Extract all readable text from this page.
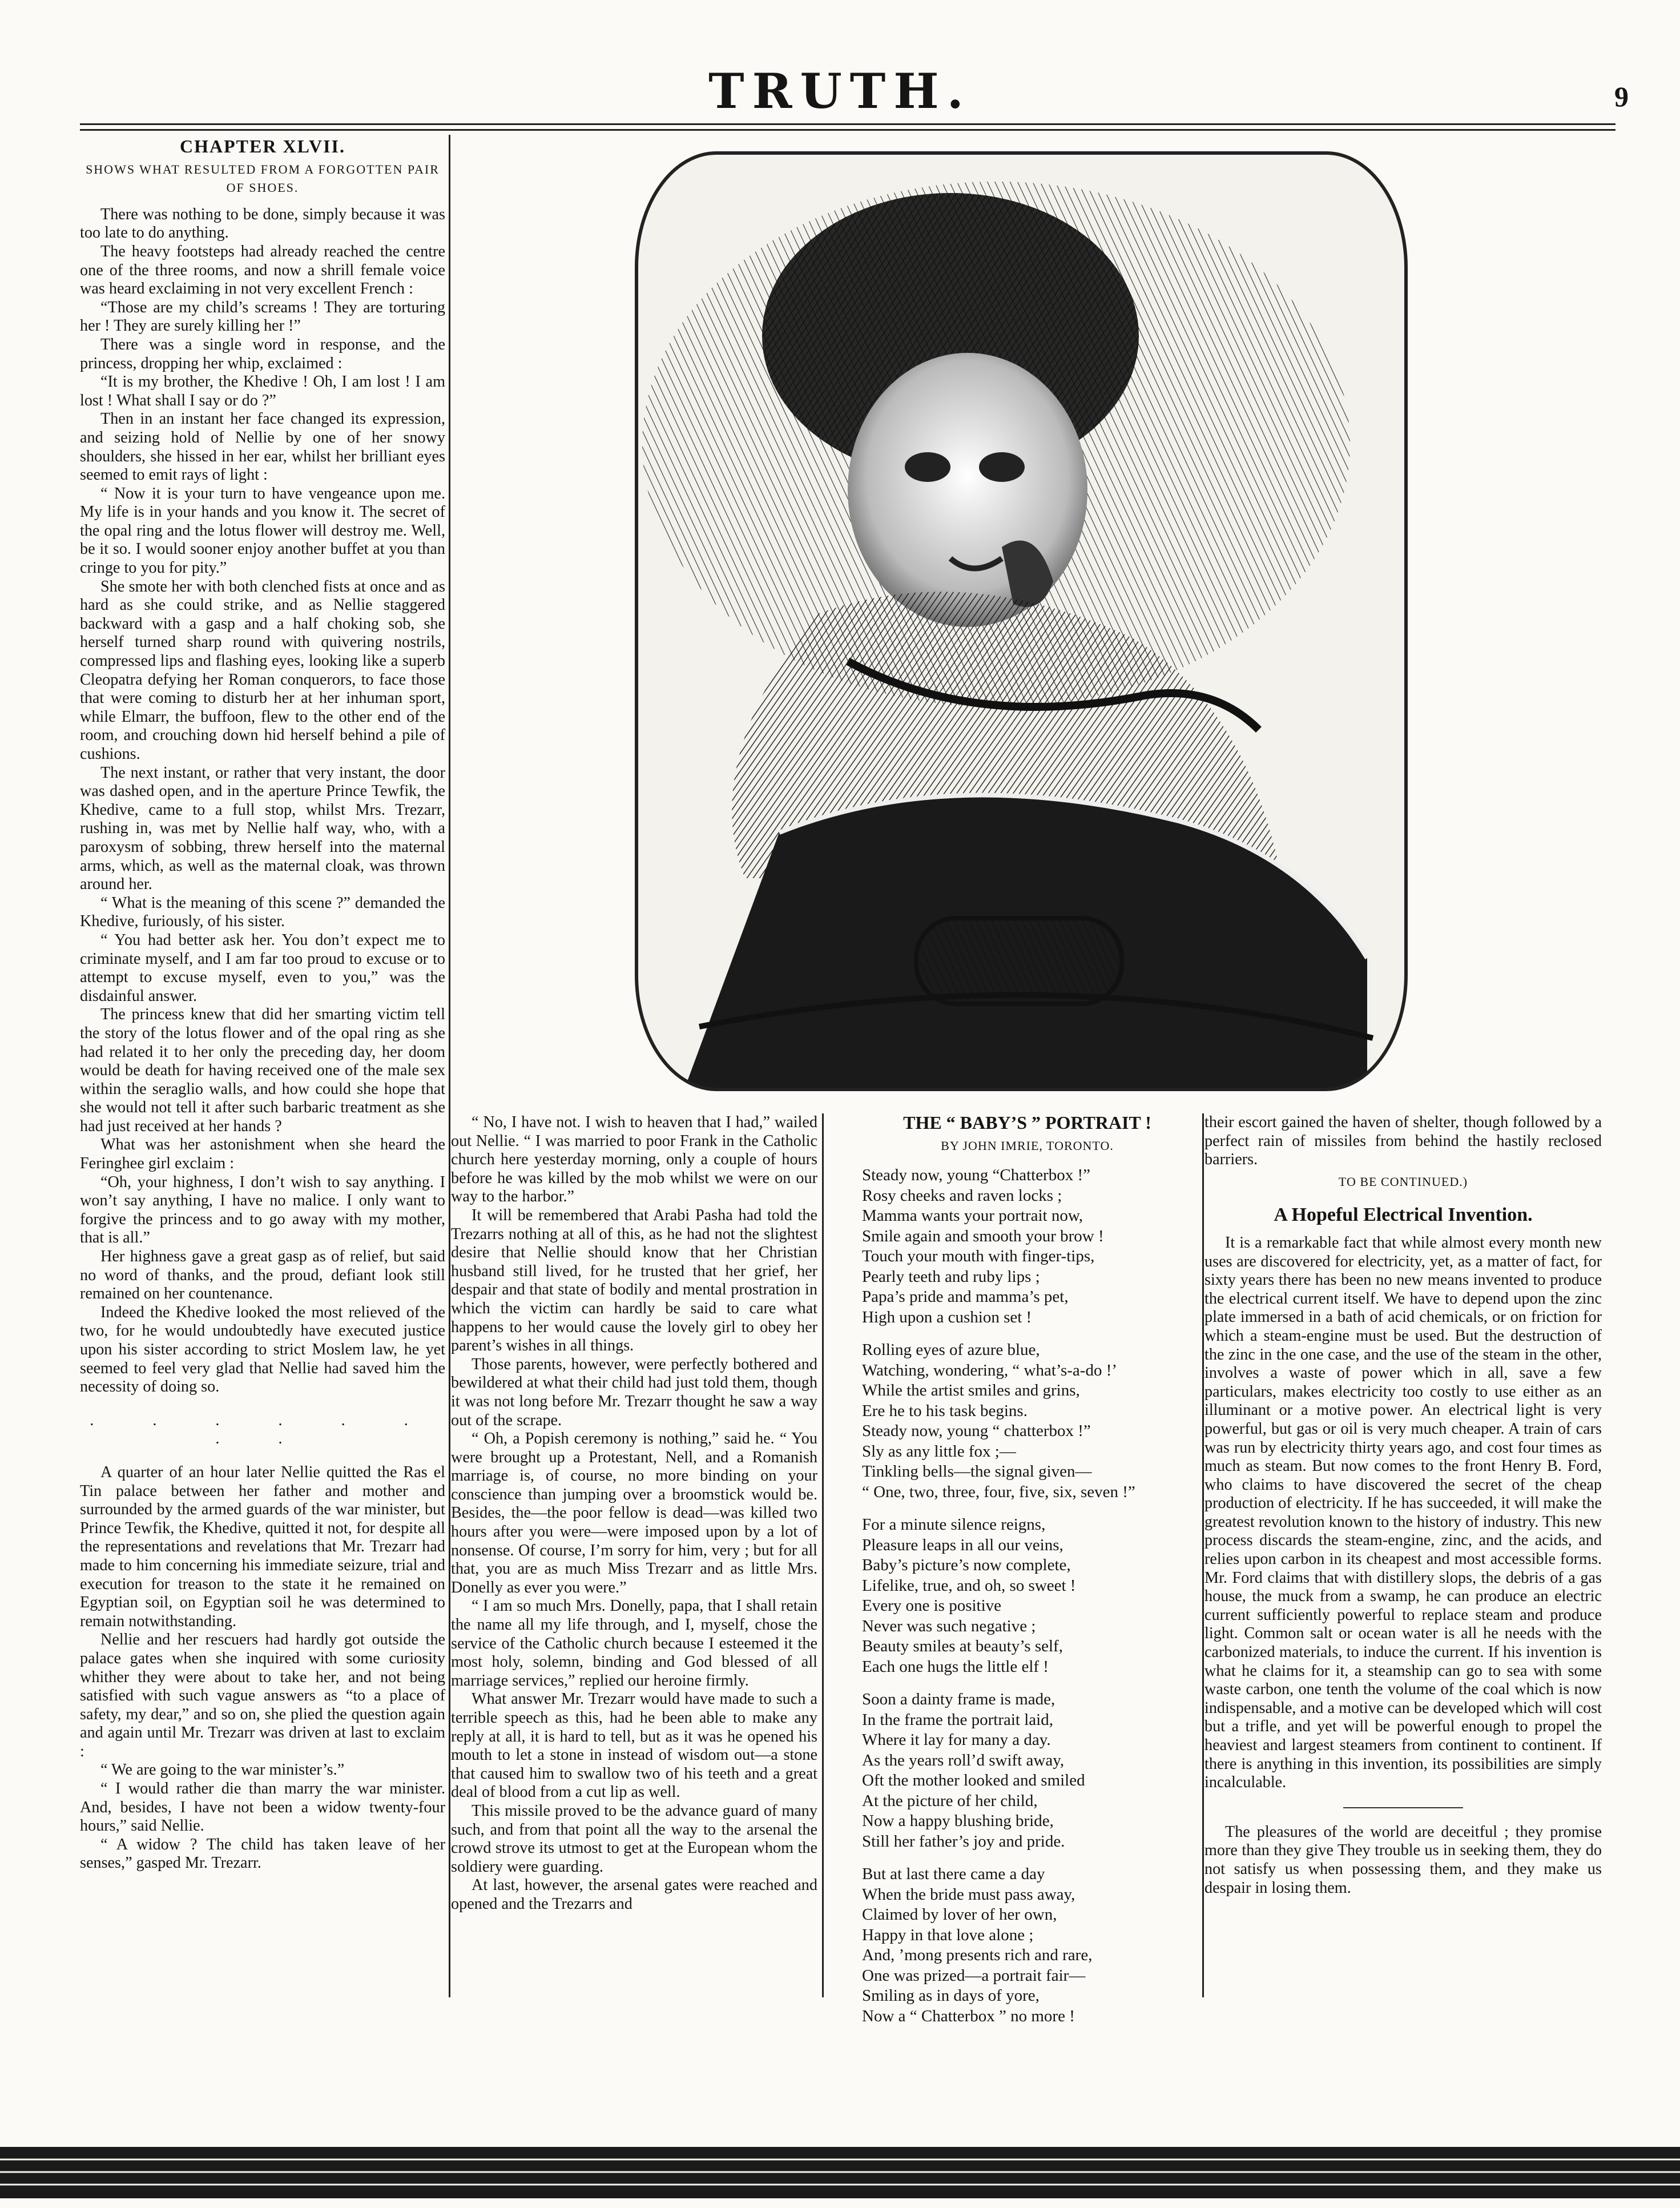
TRUTH.	9
CHAPTER XLVII.
SHOWS WHAT RESULTED FROM A FORGOTTEN PAIR OF SHOES.

There was nothing to be done, simply because it was too late to do anything.

The heavy footsteps had already reached the centre one of the three rooms, and now a shrill female voice was heard exclaiming in not very excellent French :

“Those are my child’s screams ! They are torturing her ! They are surely killing her !”

There was a single word in response, and the princess, dropping her whip, exclaimed :

“It is my brother, the Khedive ! Oh, I am lost ! I am lost ! What shall I say or do ?”

Then in an instant her face changed its expression, and seizing hold of Nellie by one of her snowy shoulders, she hissed in her ear, whilst her brilliant eyes seemed to emit rays of light :

“ Now it is your turn to have vengeance upon me. My life is in your hands and you know it. The secret of the opal ring and the lotus flower will destroy me. Well, be it so. I would sooner enjoy another buffet at you than cringe to you for pity.”

She smote her with both clenched fists at once and as hard as she could strike, and as Nellie staggered backward with a gasp and a half choking sob, she herself turned sharp round with quivering nostrils, compressed lips and flashing eyes, looking like a superb Cleopatra defying her Roman conquerors, to face those that were coming to disturb her at her inhuman sport, while Elmarr, the buffoon, flew to the other end of the room, and crouching down hid herself behind a pile of cushions.

The next instant, or rather that very instant, the door was dashed open, and in the aperture Prince Tewfik, the Khedive, came to a full stop, whilst Mrs. Trezarr, rushing in, was met by Nellie half way, who, with a paroxysm of sobbing, threw herself into the maternal arms, which, as well as the maternal cloak, was thrown around her.

“ What is the meaning of this scene ?” demanded the Khedive, furiously, of his sister.

“ You had better ask her. You don’t expect me to criminate myself, and I am far too proud to excuse or to attempt to excuse myself, even to you,” was the disdainful answer.

The princess knew that did her smarting victim tell the story of the lotus flower and of the opal ring as she had related it to her only the preceding day, her doom would be death for having received one of the male sex within the seraglio walls, and how could she hope that she would not tell it after such barbaric treatment as she had just received at her hands ?

What was her astonishment when she heard the Feringhee girl exclaim :

“Oh, your highness, I don’t wish to say anything. I won’t say anything, I have no malice. I only want to forgive the princess and to go away with my mother, that is all.”

Her highness gave a great gasp as of relief, but said no word of thanks, and the proud, defiant look still remained on her countenance.

Indeed the Khedive looked the most relieved of the two, for he would undoubtedly have executed justice upon his sister according to strict Moslem law, he yet seemed to feel very glad that Nellie had saved him the necessity of doing so.

. . . . . . . .

A quarter of an hour later Nellie quitted the Ras el Tin palace between her father and mother and surrounded by the armed guards of the war minister, but Prince Tewfik, the Khedive, quitted it not, for despite all the representations and revelations that Mr. Trezarr had made to him concerning his immediate seizure, trial and execution for treason to the state it he remained on Egyptian soil, on Egyptian soil he was determined to remain notwithstanding.

Nellie and her rescuers had hardly got outside the palace gates when she inquired with some curiosity whither they were about to take her, and not being satisfied with such vague answers as “to a place of safety, my dear,” and so on, she plied the question again and again until Mr. Trezarr was driven at last to exclaim :

“ We are going to the war minister’s.”

“ I would rather die than marry the war minister. And, besides, I have not been a widow twenty-four hours,” said Nellie.

“ A widow ? The child has taken leave of her senses,” gasped Mr. Trezarr.

“ No, I have not. I wish to heaven that I had,” wailed out Nellie. “ I was married to poor Frank in the Catholic church here yesterday morning, only a couple of hours before he was killed by the mob whilst we were on our way to the harbor.”

It will be remembered that Arabi Pasha had told the Trezarrs nothing at all of this, as he had not the slightest desire that Nellie should know that her Christian husband still lived, for he trusted that her grief, her despair and that state of bodily and mental prostration in which the victim can hardly be said to care what happens to her would cause the lovely girl to obey her parent’s wishes in all things.

Those parents, however, were perfectly bothered and bewildered at what their child had just told them, though it was not long before Mr. Trezarr thought he saw a way out of the scrape.

“ Oh, a Popish ceremony is nothing,” said he. “ You were brought up a Protestant, Nell, and a Romanish marriage is, of course, no more binding on your conscience than jumping over a broomstick would be. Besides, the—the poor fellow is dead—was killed two hours after you were—were imposed upon by a lot of nonsense. Of course, I’m sorry for him, very ; but for all that, you are as much Miss Trezarr and as little Mrs. Donelly as ever you were.”

“ I am so much Mrs. Donelly, papa, that I shall retain the name all my life through, and I, myself, chose the service of the Catholic church because I esteemed it the most holy, solemn, binding and God blessed of all marriage services,” replied our heroine firmly.

What answer Mr. Trezarr would have made to such a terrible speech as this, had he been able to make any reply at all, it is hard to tell, but as it was he opened his mouth to let a stone in instead of wisdom out—a stone that caused him to swallow two of his teeth and a great deal of blood from a cut lip as well.

This missile proved to be the advance guard of many such, and from that point all the way to the arsenal the crowd strove its utmost to get at the European whom the soldiery were guarding.

At last, however, the arsenal gates were reached and opened and the Trezarrs and

THE “ BABY’S ” PORTRAIT !
BY JOHN IMRIE, TORONTO.
Steady now, young “Chatterbox !”
Rosy cheeks and raven locks ;
Mamma wants your portrait now,
Smile again and smooth your brow !
Touch your mouth with finger-tips,
Pearly teeth and ruby lips ;
Papa’s pride and mamma’s pet,
High upon a cushion set !
Rolling eyes of azure blue,
Watching, wondering, “ what’s-a-do !’
While the artist smiles and grins,
Ere he to his task begins.
Steady now, young “ chatterbox !”
Sly as any little fox ;—
Tinkling bells—the signal given—
“ One, two, three, four, five, six, seven !”
For a minute silence reigns,
Pleasure leaps in all our veins,
Baby’s picture’s now complete,
Lifelike, true, and oh, so sweet !
Every one is positive
Never was such negative ;
Beauty smiles at beauty’s self,
Each one hugs the little elf !
Soon a dainty frame is made,
In the frame the portrait laid,
Where it lay for many a day.
As the years roll’d swift away,
Oft the mother looked and smiled
At the picture of her child,
Now a happy blushing bride,
Still her father’s joy and pride.
But at last there came a day
When the bride must pass away,
Claimed by lover of her own,
Happy in that love alone ;
And, ’mong presents rich and rare,
One was prized—a portrait fair—
Smiling as in days of yore,
Now a “ Chatterbox ” no more !

their escort gained the haven of shelter, though followed by a perfect rain of missiles from behind the hastily reclosed barriers.

TO BE CONTINUED.)
A Hopeful Electrical Invention.

It is a remarkable fact that while almost every month new uses are discovered for electricity, yet, as a matter of fact, for sixty years there has been no new means invented to produce the electrical current itself. We have to depend upon the zinc plate immersed in a bath of acid chemicals, or on friction for which a steam-engine must be used. But the destruction of the zinc in the one case, and the use of the steam in the other, involves a waste of power which in all, save a few particulars, makes electricity too costly to use either as an illuminant or a motive power. An electrical light is very powerful, but gas or oil is very much cheaper. A train of cars was run by electricity thirty years ago, and cost four times as much as steam. But now comes to the front Henry B. Ford, who claims to have discovered the secret of the cheap production of electricity. If he has succeeded, it will make the greatest revolution known to the history of industry. This new process discards the steam-engine, zinc, and the acids, and relies upon carbon in its cheapest and most accessible forms. Mr. Ford claims that with distillery slops, the debris of a gas house, the muck from a swamp, he can produce an electric current sufficiently powerful to replace steam and produce light. Common salt or ocean water is all he needs with the carbonized materials, to induce the current. If his invention is what he claims for it, a steamship can go to sea with some waste carbon, one tenth the volume of the coal which is now indispensable, and a motive can be developed which will cost but a trifle, and yet will be powerful enough to propel the heaviest and largest steamers from continent to continent. If there is anything in this invention, its possibilities are simply incalculable.

The pleasures of the world are deceitful ; they promise more than they give They trouble us in seeking them, they do not satisfy us when possessing them, and they make us despair in losing them.
